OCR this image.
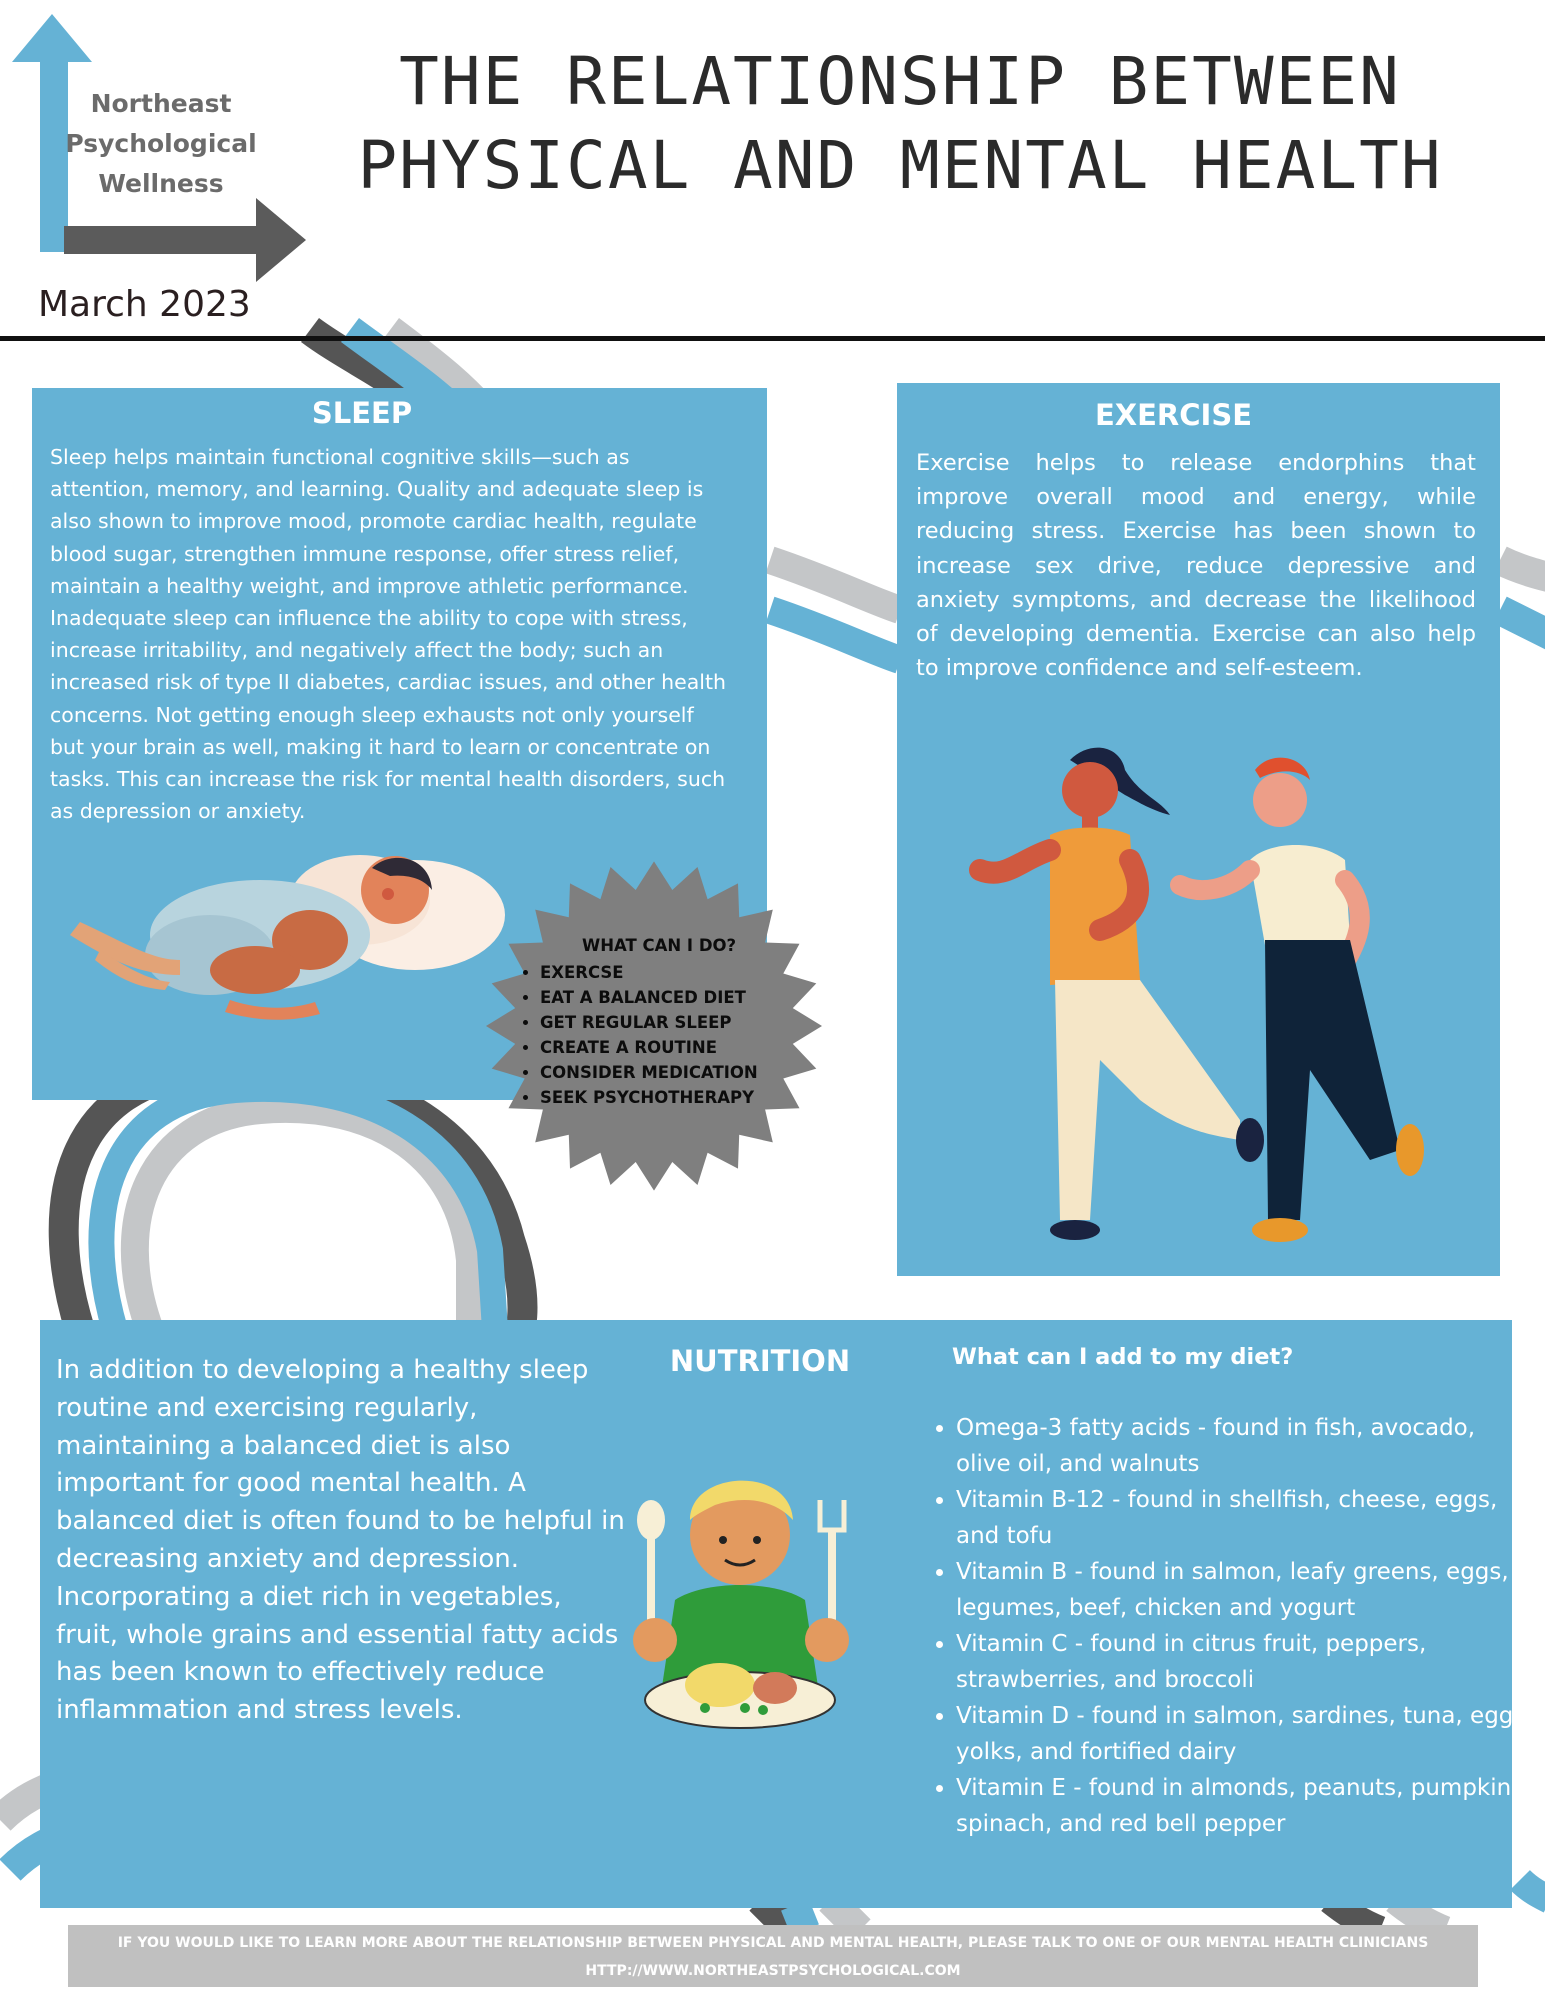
Northeast
Psychological
Wellness
March 2023
THE RELATIONSHIP BETWEEN
PHYSICAL AND MENTAL HEALTH
SLEEP
Sleep helps maintain functional cognitive skills—such as attention, memory, and learning. Quality and adequate sleep is also shown to improve mood, promote cardiac health, regulate blood sugar, strengthen immune response, offer stress relief, maintain a healthy weight, and improve athletic performance. Inadequate sleep can influence the ability to cope with stress, increase irritability, and negatively affect the body; such an increased risk of type II diabetes, cardiac issues, and other health concerns. Not getting enough sleep exhausts not only yourself but your brain as well, making it hard to learn or concentrate on tasks. This can increase the risk for mental health disorders, such as depression or anxiety.
WHAT CAN I DO?
• EXERCSE
• EAT A BALANCED DIET
• GET REGULAR SLEEP
• CREATE A ROUTINE
• CONSIDER MEDICATION
• SEEK PSYCHOTHERAPY
EXERCISE
Exercise helps to release endorphins that improve overall mood and energy, while reducing stress. Exercise has been shown to increase sex drive, reduce depressive and anxiety symptoms, and decrease the likelihood of developing dementia. Exercise can also help to improve confidence and self-esteem.
NUTRITION
In addition to developing a healthy sleep routine and exercising regularly, maintaining a balanced diet is also important for good mental health. A balanced diet is often found to be helpful in decreasing anxiety and depression. Incorporating a diet rich in vegetables, fruit, whole grains and essential fatty acids has been known to effectively reduce inflammation and stress levels.
What can I add to my diet?
• Omega-3 fatty acids - found in fish, avocado, olive oil, and walnuts
• Vitamin B-12 - found in shellfish, cheese, eggs, and tofu
• Vitamin B - found in salmon, leafy greens, eggs, legumes, beef, chicken and yogurt
• Vitamin C - found in citrus fruit, peppers, strawberries, and broccoli
• Vitamin D - found in salmon, sardines, tuna, egg yolks, and fortified dairy
• Vitamin E - found in almonds, peanuts, pumpkin, spinach, and red bell pepper
IF YOU WOULD LIKE TO LEARN MORE ABOUT THE RELATIONSHIP BETWEEN PHYSICAL AND MENTAL HEALTH, PLEASE TALK TO ONE OF OUR MENTAL HEALTH CLINICIANS
HTTP://WWW.NORTHEASTPSYCHOLOGICAL.COM
